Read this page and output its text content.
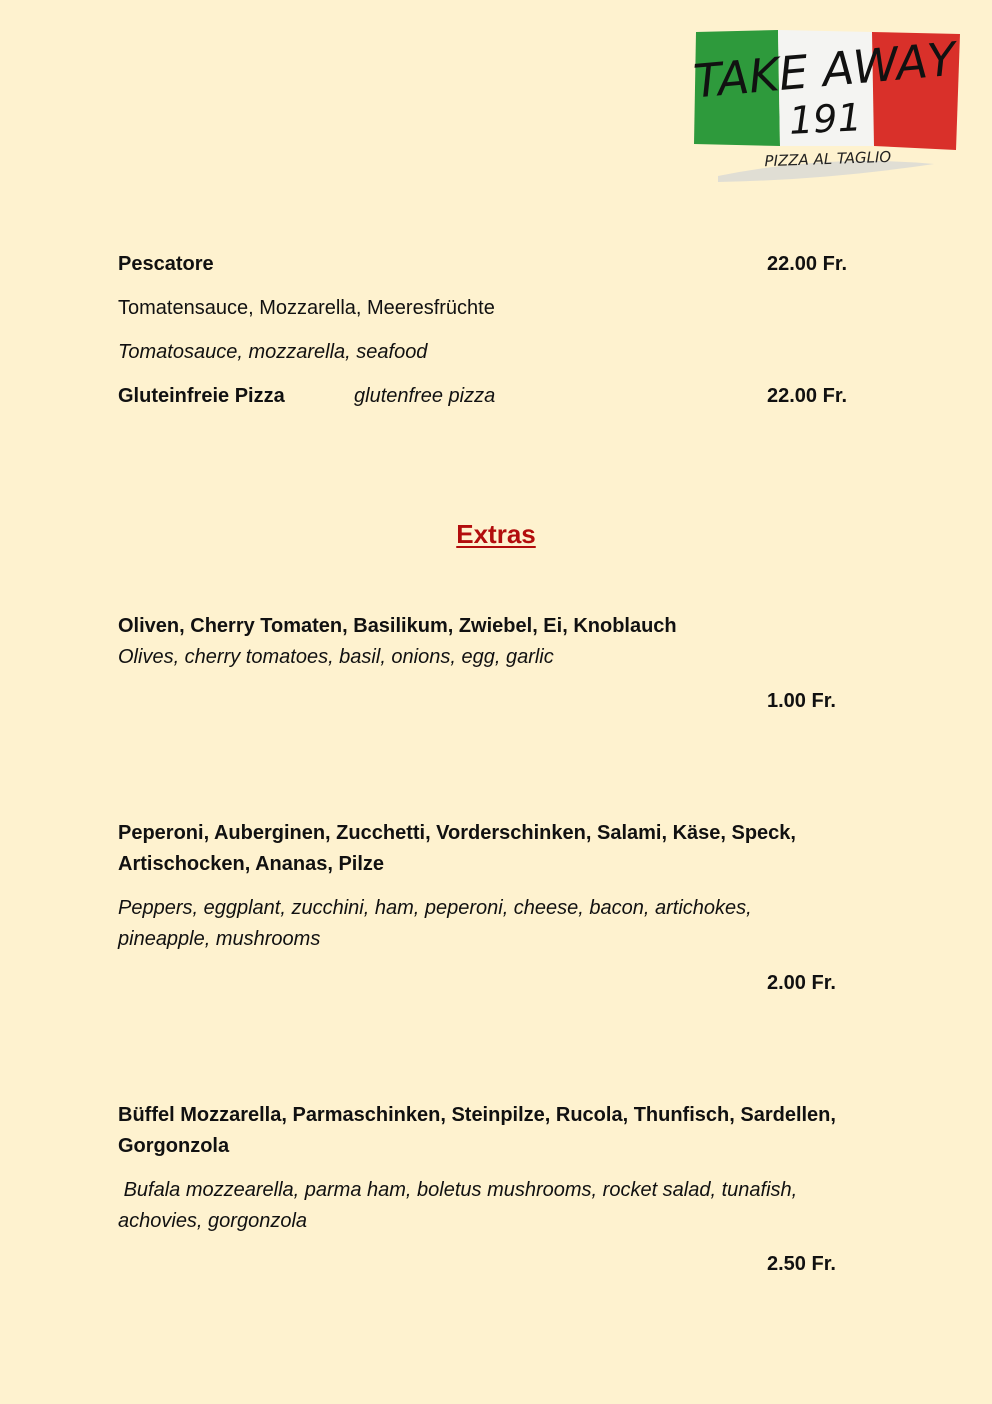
TAKE AWAY
191
PIZZA AL TAGLIO
Pescatore	22.00 Fr.
Tomatensauce, Mozzarella, Meeresfrüchte
Tomatosauce, mozzarella, seafood
Gluteinfreie Pizza	glutenfree pizza	22.00 Fr.
Extras
Oliven, Cherry Tomaten, Basilikum, Zwiebel, Ei, Knoblauch
Olives, cherry tomatoes, basil, onions, egg, garlic
1.00 Fr.
Peperoni, Auberginen, Zucchetti, Vorderschinken, Salami, Käse, Speck, Artischocken, Ananas, Pilze
Peppers, eggplant, zucchini, ham, peperoni, cheese, bacon, artichokes, pineapple, mushrooms
2.00 Fr.
Büffel Mozzarella, Parmaschinken, Steinpilze, Rucola, Thunfisch, Sardellen, Gorgonzola
Bufala mozzearella, parma ham, boletus mushrooms, rocket salad, tunafish, achovies, gorgonzola
2.50 Fr.
